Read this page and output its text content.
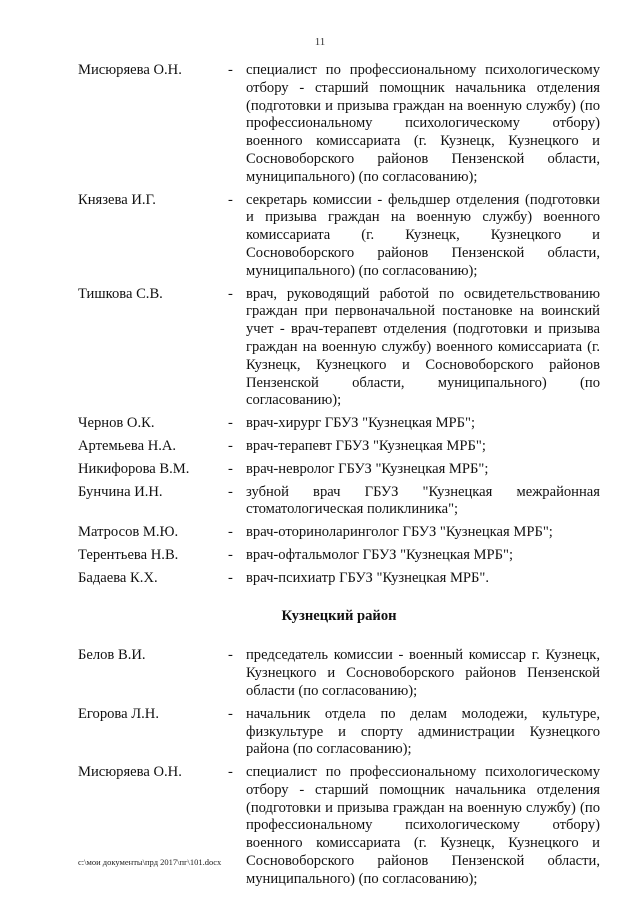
11
Мисюряева О.Н.	- специалист по профессиональному психологическому отбору - старший помощник начальника отделения (подготовки и призыва граждан на военную службу) (по профессиональному психологическому отбору) военного комиссариата (г. Кузнецк, Кузнецкого и Сосновоборского районов Пензенской области, муниципального) (по согласованию);
Князева И.Г.	- секретарь комиссии - фельдшер отделения (подготовки и призыва граждан на военную службу) военного комиссариата (г. Кузнецк, Кузнецкого и Сосновоборского районов Пензенской области, муниципального) (по согласованию);
Тишкова С.В.	- врач, руководящий работой по освидетельствованию граждан при первоначальной постановке на воинский учет - врач-терапевт отделения (подготовки и призыва граждан на военную службу) военного комиссариата (г. Кузнецк, Кузнецкого и Сосновоборского районов Пензенской области, муниципального) (по согласованию);
Чернов О.К.	- врач-хирург ГБУЗ "Кузнецкая МРБ";
Артемьева Н.А.	- врач-терапевт ГБУЗ "Кузнецкая МРБ";
Никифорова В.М.	- врач-невролог ГБУЗ "Кузнецкая МРБ";
Бунчина И.Н.	- зубной врач ГБУЗ "Кузнецкая межрайонная стоматологическая поликлиника";
Матросов М.Ю.	- врач-оториноларинголог ГБУЗ "Кузнецкая МРБ";
Терентьева Н.В.	- врач-офтальмолог ГБУЗ "Кузнецкая МРБ";
Бадаева К.Х.	- врач-психиатр ГБУЗ "Кузнецкая МРБ".
Кузнецкий район
Белов В.И.	- председатель комиссии - военный комиссар г. Кузнецк, Кузнецкого и Сосновоборского районов Пензенской области (по согласованию);
Егорова Л.Н.	- начальник отдела по делам молодежи, культуре, физкультуре и спорту администрации Кузнецкого района (по согласованию);
Мисюряева О.Н.	- специалист по профессиональному психологическому отбору - старший помощник начальника отделения (подготовки и призыва граждан на военную службу) (по профессиональному психологическому отбору) военного комиссариата (г. Кузнецк, Кузнецкого и Сосновоборского районов Пензенской области, муниципального) (по согласованию);
c:\мои документы\прд 2017\пг\101.docx
